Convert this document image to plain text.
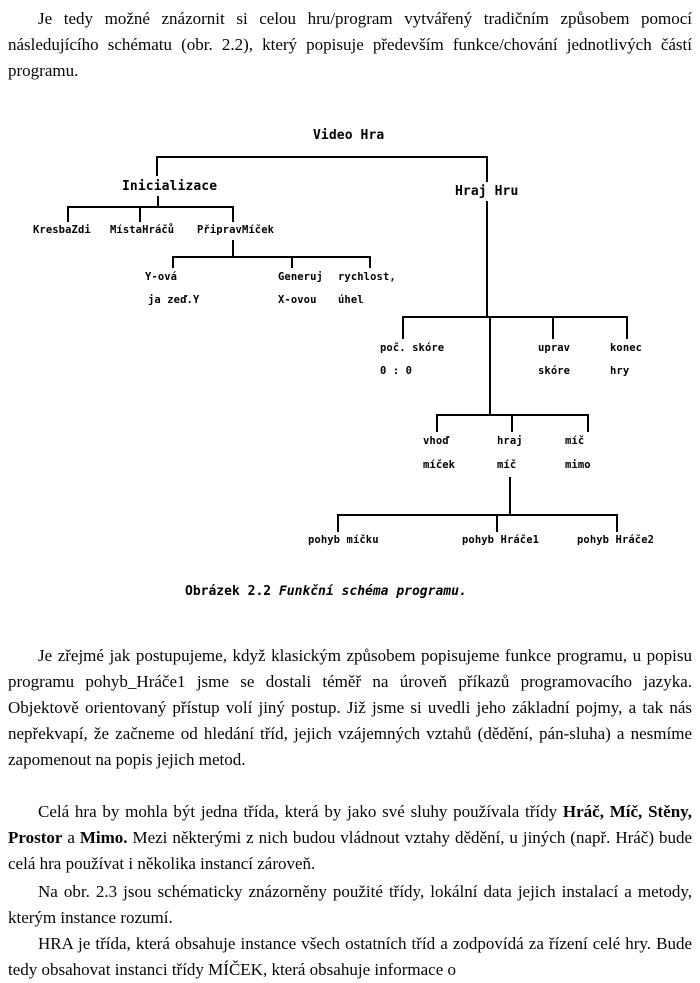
Je tedy možné znázornit si celou hru/program vytvářený tradičním způsobem pomocí následujícího schématu (obr. 2.2), který popisuje především funkce/chování jednotlivých částí programu.
Video Hra
Inicializace	Hraj Hru
KresbaZdi MístaHráčů PřipravMíček
Y-ová
ja zeď.Y
Generuj
X-ovou
rychlost,
úhel
poč. skóre
0 : 0
uprav
skóre
konec
hry
vhoď
míček
hraj
míč
míč
mimo
pohyb míčku	pohyb Hráče1	pohyb Hráče2
Obrázek 2.2 Funkční schéma programu.
Je zřejmé jak postupujeme, když klasickým způsobem popisujeme funkce programu, u popisu programu pohyb_Hráče1 jsme se dostali téměř na úroveň příkazů programovacího jazyka. Objektově orientovaný přístup volí jiný postup. Již jsme si uvedli jeho základní pojmy, a tak nás nepřekvapí, že začneme od hledání tříd, jejich vzájemných vztahů (dědění, pán-sluha) a nesmíme zapomenout na popis jejich metod.
Celá hra by mohla být jedna třída, která by jako své sluhy používala třídy Hráč, Míč, Stěny, Prostor a Mimo. Mezi některými z nich budou vládnout vztahy dědění, u jiných (např. Hráč) bude celá hra používat i několika instancí zároveň.
Na obr. 2.3 jsou schématicky znázorněny použité třídy, lokální data jejich instalací a metody, kterým instance rozumí.
HRA je třída, která obsahuje instance všech ostatních tříd a zodpovídá za řízení celé hry. Bude tedy obsahovat instanci třídy MÍČEK, která obsahuje informace o
